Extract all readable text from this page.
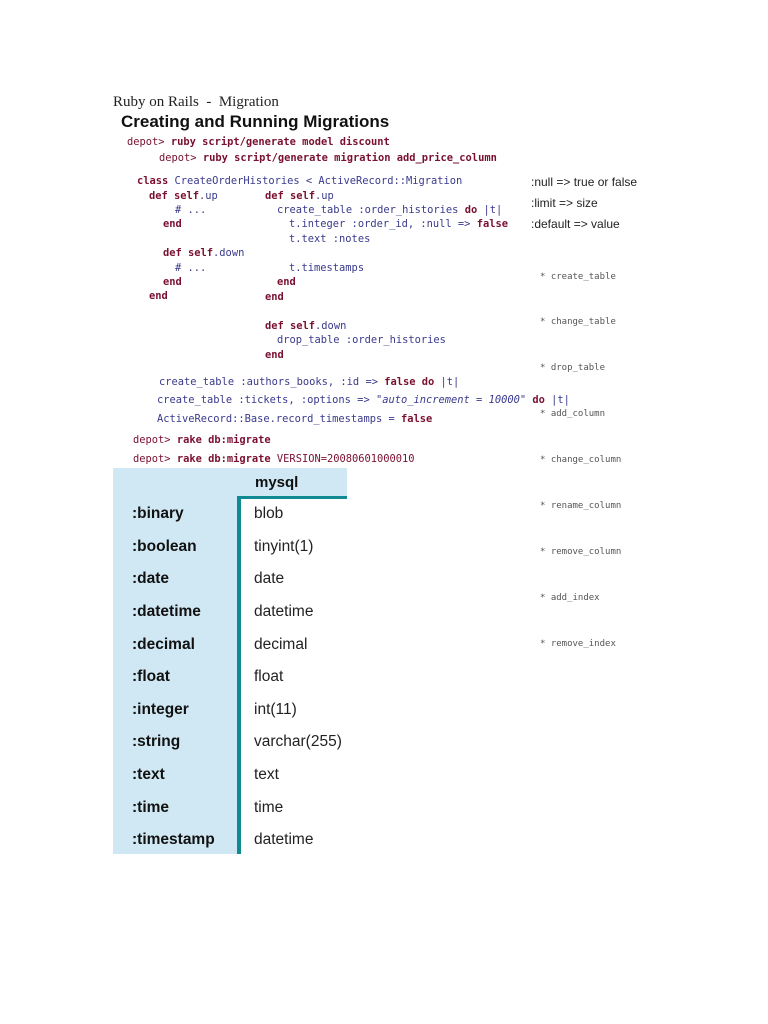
Ruby on Rails  -  Migration
Creating and Running Migrations
depot> ruby script/generate model discount
depot> ruby script/generate migration add_price_column
class CreateOrderHistories < ActiveRecord::Migration
def self.up
# ...
end
def self.down
# ...
end
end
def self.up
create_table :order_histories do |t|
t.integer :order_id, :null => false
t.text :notes
t.timestamps
end
end
def self.down
drop_table :order_histories
end
:null => true or false
:limit => size
:default => value

* create_table

* change_table

* drop_table

* add_column

* change_column

* rename_column

* remove_column

* add_index

* remove_index

create_table :authors_books, :id => false do |t|
create_table :tickets, :options => "auto_increment = 10000" do |t|
ActiveRecord::Base.record_timestamps = false
depot> rake db:migrate
depot> rake db:migrate VERSION=20080601000010
mysql
:binary	blob
:boolean	tinyint(1)
:date	date
:datetime	datetime
:decimal	decimal
:float	float
:integer	int(11)
:string	varchar(255)
:text	text
:time	time
:timestamp	datetime
